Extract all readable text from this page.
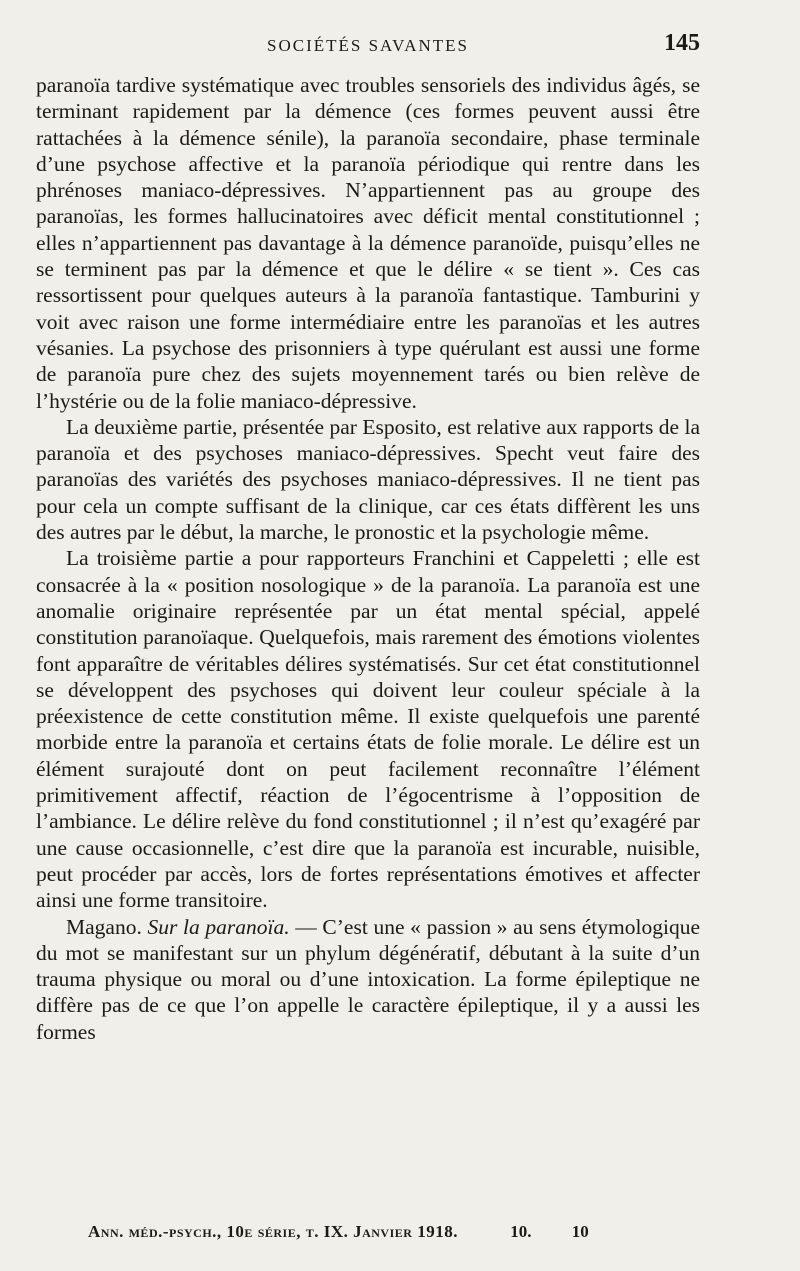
SOCIÉTÉS SAVANTES	145

paranoïa tardive systématique avec troubles sensoriels des individus âgés, se terminant rapidement par la démence (ces formes peuvent aussi être rattachées à la démence sénile), la paranoïa secondaire, phase terminale d’une psychose affective et la paranoïa périodique qui rentre dans les phrénoses maniaco-dépressives. N’appartiennent pas au groupe des paranoïas, les formes hallucinatoires avec déficit mental constitutionnel ; elles n’appartiennent pas davantage à la démence paranoïde, puisqu’elles ne se terminent pas par la démence et que le délire « se tient ». Ces cas ressortissent pour quelques auteurs à la paranoïa fantastique. Tamburini y voit avec raison une forme intermédiaire entre les paranoïas et les autres vésanies. La psychose des prisonniers à type quérulant est aussi une forme de paranoïa pure chez des sujets moyennement tarés ou bien relève de l’hystérie ou de la folie maniaco-dépressive.

La deuxième partie, présentée par Esposito, est relative aux rapports de la paranoïa et des psychoses maniaco-dépressives. Specht veut faire des paranoïas des variétés des psychoses maniaco-dépressives. Il ne tient pas pour cela un compte suffisant de la clinique, car ces états diffèrent les uns des autres par le début, la marche, le pronostic et la psychologie même.

La troisième partie a pour rapporteurs Franchini et Cappeletti ; elle est consacrée à la « position nosologique » de la paranoïa. La paranoïa est une anomalie originaire représentée par un état mental spécial, appelé constitution paranoïaque. Quelquefois, mais rarement des émotions violentes font apparaître de véritables délires systématisés. Sur cet état constitutionnel se développent des psychoses qui doivent leur couleur spéciale à la préexistence de cette constitution même. Il existe quelquefois une parenté morbide entre la paranoïa et certains états de folie morale. Le délire est un élément surajouté dont on peut facilement reconnaître l’élément primitivement affectif, réaction de l’égocentrisme à l’opposition de l’ambiance. Le délire relève du fond constitutionnel ; il n’est qu’exagéré par une cause occasionnelle, c’est dire que la paranoïa est incurable, nuisible, peut procéder par accès, lors de fortes représentations émotives et affecter ainsi une forme transitoire.

Magano. Sur la paranoïa. — C’est une « passion » au sens étymologique du mot se manifestant sur un phylum dégénératif, débutant à la suite d’un trauma physique ou moral ou d’une intoxication. La forme épileptique ne diffère pas de ce que l’on appelle le caractère épileptique, il y a aussi les formes

Ann. méd.-psych., 10e série, t. IX. Janvier 1918.	10. 10
